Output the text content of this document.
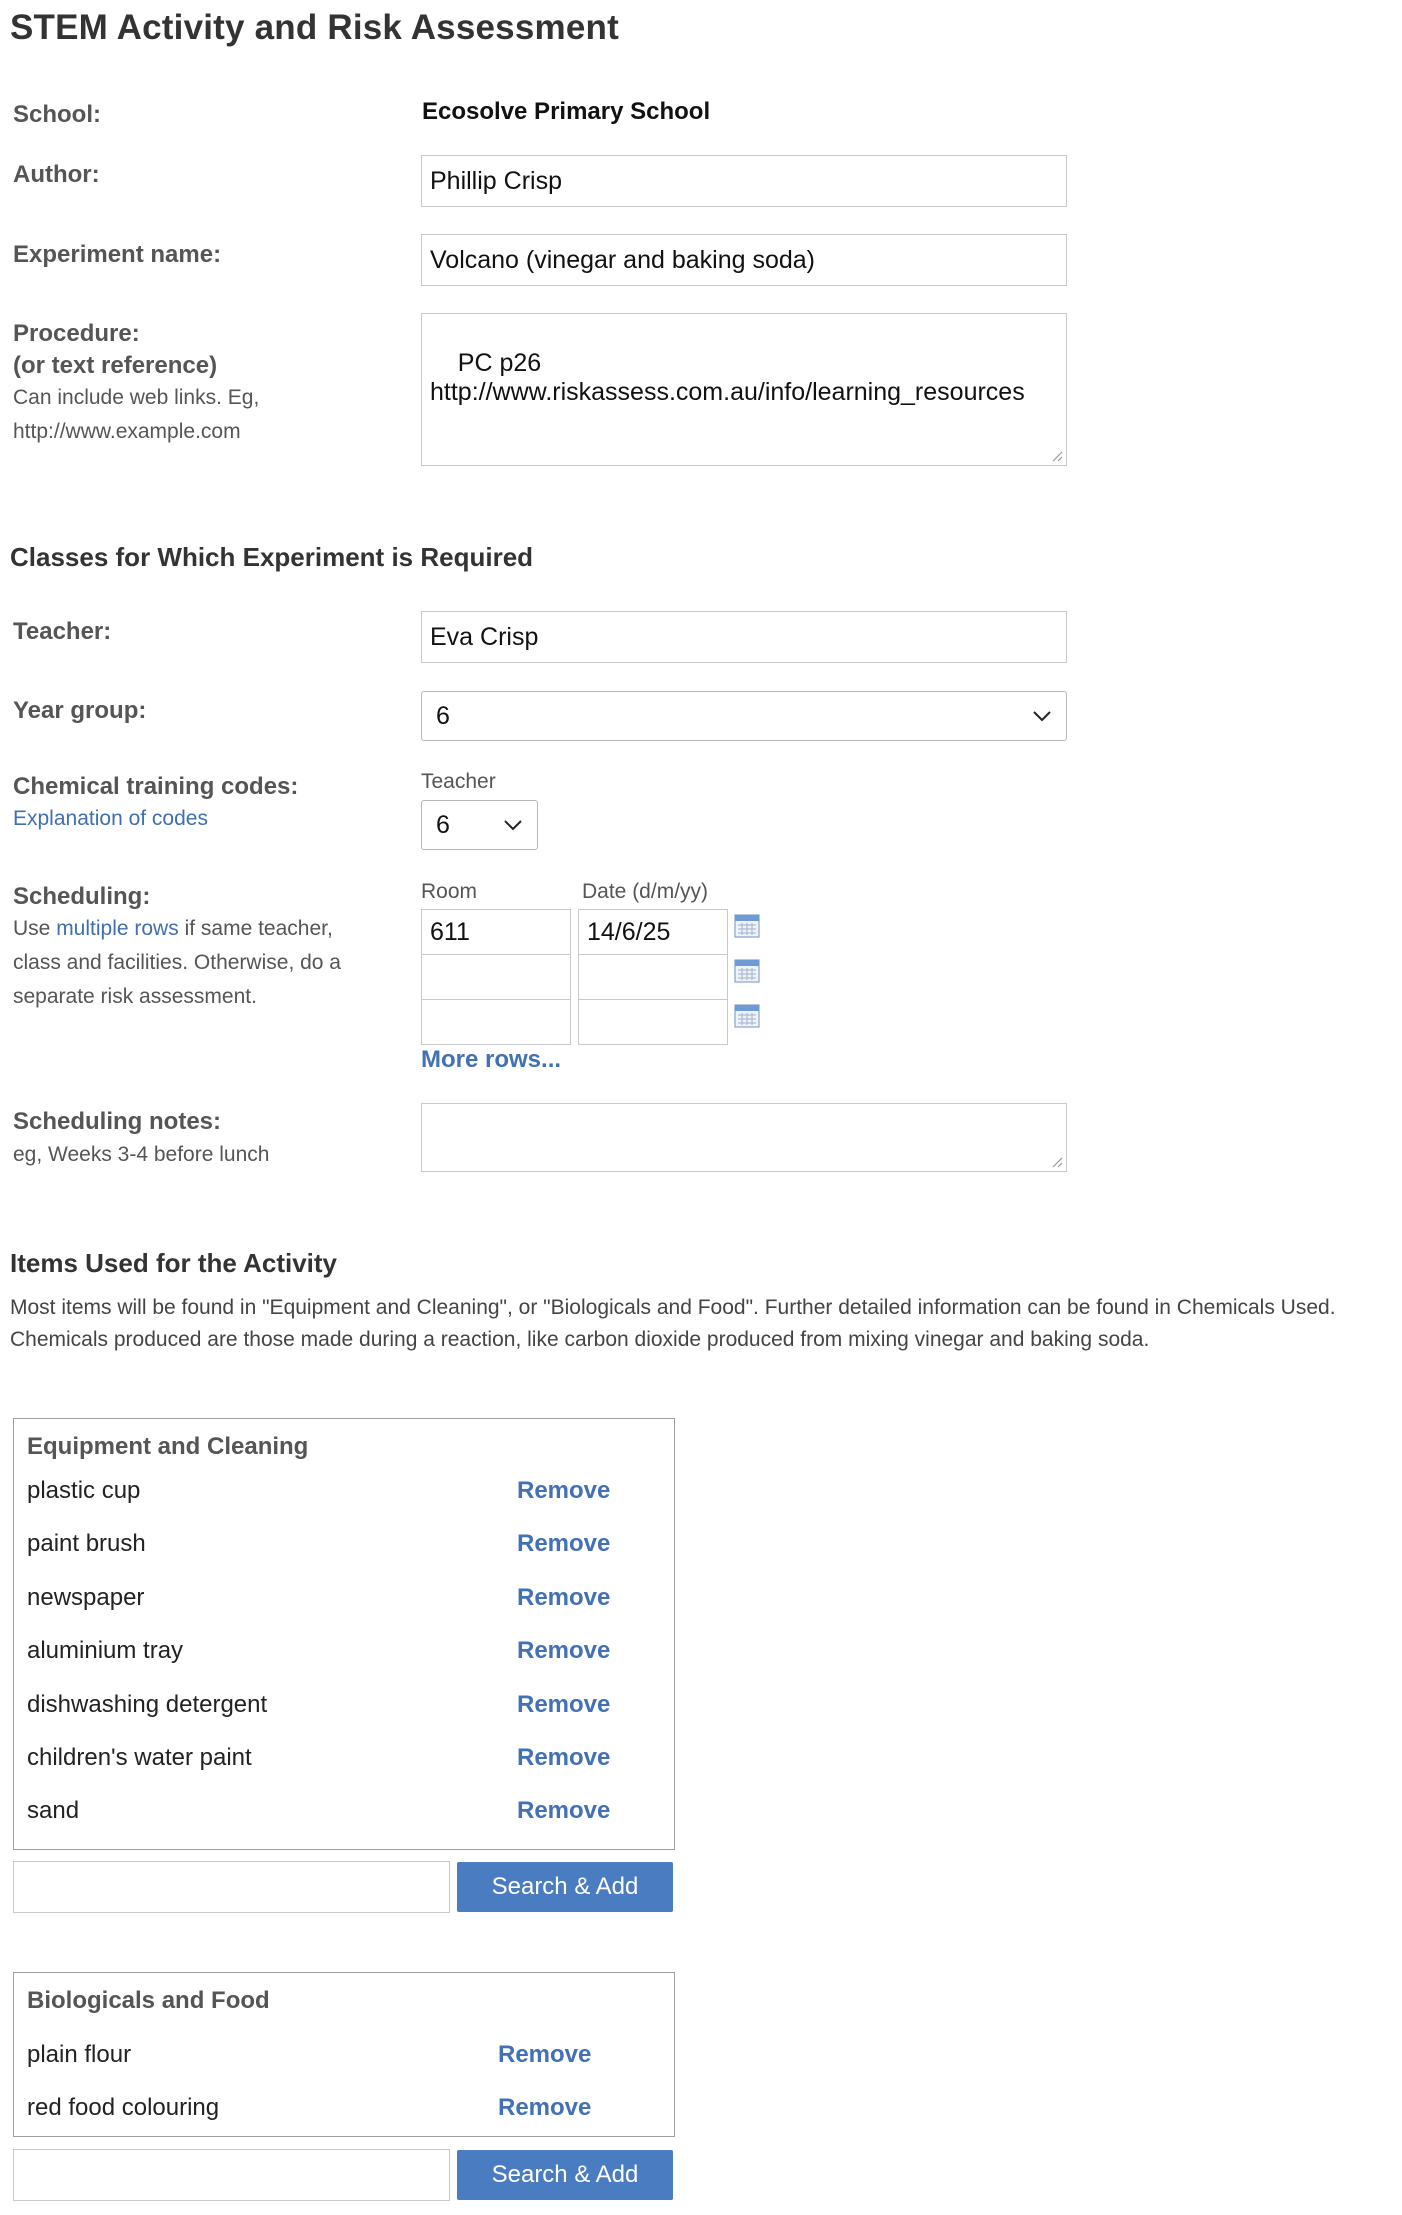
STEM Activity and Risk Assessment
School:	Ecosolve Primary School
Author:	Phillip Crisp
Experiment name:	Volcano (vinegar and baking soda)
Procedure:
(or text reference)
Can include web links. Eg,
http://www.example.com

PC p26
http://www.riskassess.com.au/info/learning_resources

Classes for Which Experiment is Required
Teacher:	Eva Crisp
Year group:	6
Chemical training codes:
Explanation of codes
Teacher
6
Scheduling:
Use multiple rows if same teacher,
class and facilities. Otherwise, do a
separate risk assessment.
Room	Date (d/m/yy)
611	14/6/25
More rows...
Scheduling notes:
eg, Weeks 3-4 before lunch

Items Used for the Activity
Most items will be found in "Equipment and Cleaning", or "Biologicals and Food". Further detailed information can be found in Chemicals Used.
Chemicals produced are those made during a reaction, like carbon dioxide produced from mixing vinegar and baking soda.
Equipment and Cleaning
plastic cup	Remove
paint brush	Remove
newspaper	Remove
aluminium tray	Remove
dishwashing detergent	Remove
children's water paint	Remove
sand	Remove
Search & Add
Biologicals and Food
plain flour	Remove
red food colouring	Remove
Search & Add
